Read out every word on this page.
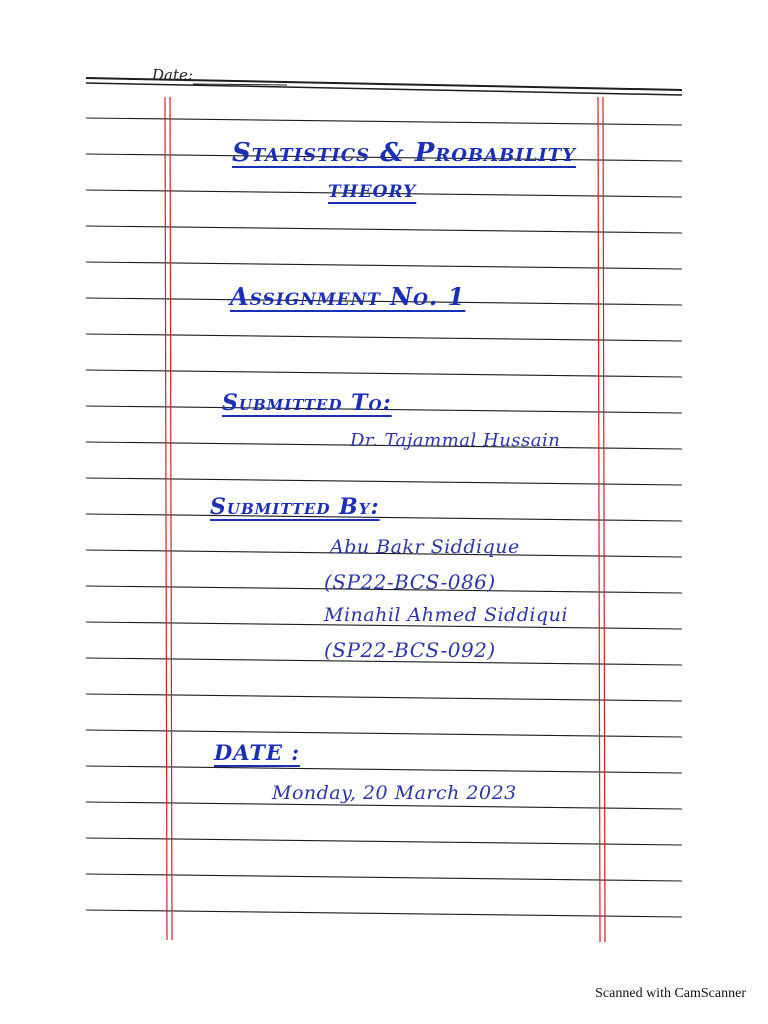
Date:
Statistics & Probability
THEORY
Assignment No. 1
Submitted To:
Dr. Tajammal Hussain
Submitted By:
Abu Bakr Siddique
(SP22-BCS-086)
Minahil Ahmed Siddiqui
(SP22-BCS-092)
DATE :
Monday, 20 March 2023
Scanned with CamScanner
